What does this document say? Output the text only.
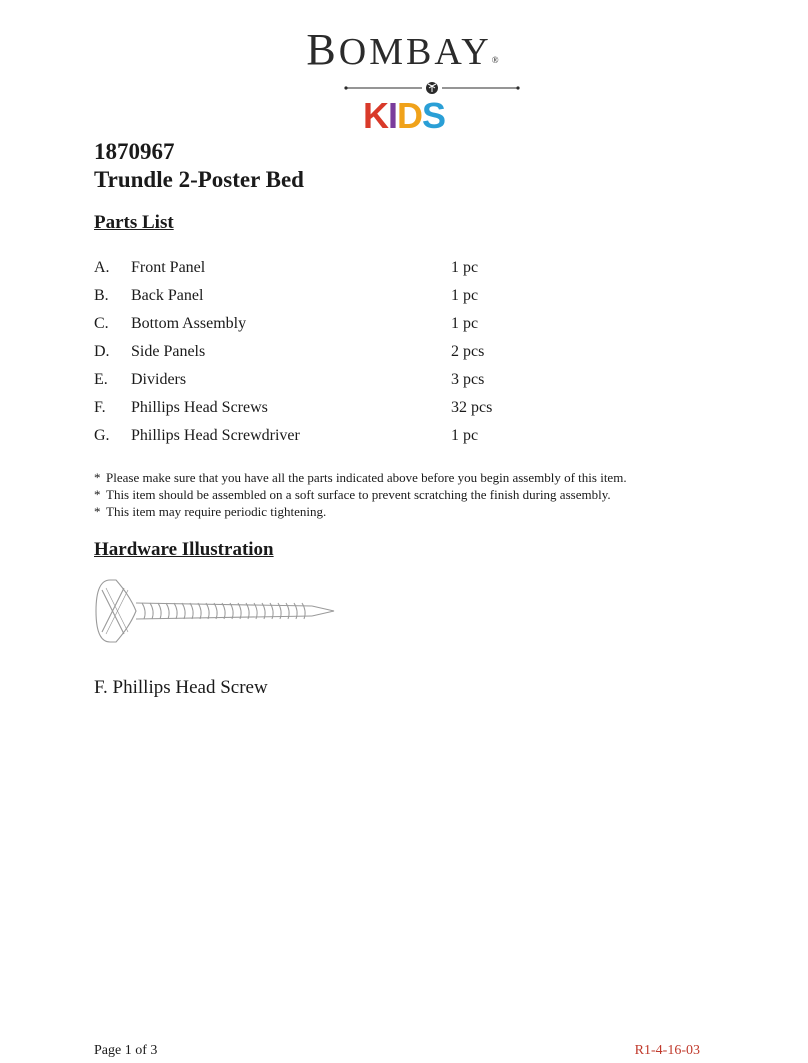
BOMBAY®
KIDS
1870967
Trundle 2-Poster Bed
Parts List
A.	Front Panel	1 pc
B.	Back Panel	1 pc
C.	Bottom Assembly	1 pc
D.	Side Panels	2 pcs
E.	Dividers	3 pcs
F.	Phillips Head Screws	32 pcs
G.	Phillips Head Screwdriver	1 pc
* Please make sure that you have all the parts indicated above before you begin assembly of this item.
* This item should be assembled on a soft surface to prevent scratching the finish during assembly.
* This item may require periodic tightening.
Hardware Illustration
F. Phillips Head Screw
Page 1 of 3	R1-4-16-03
